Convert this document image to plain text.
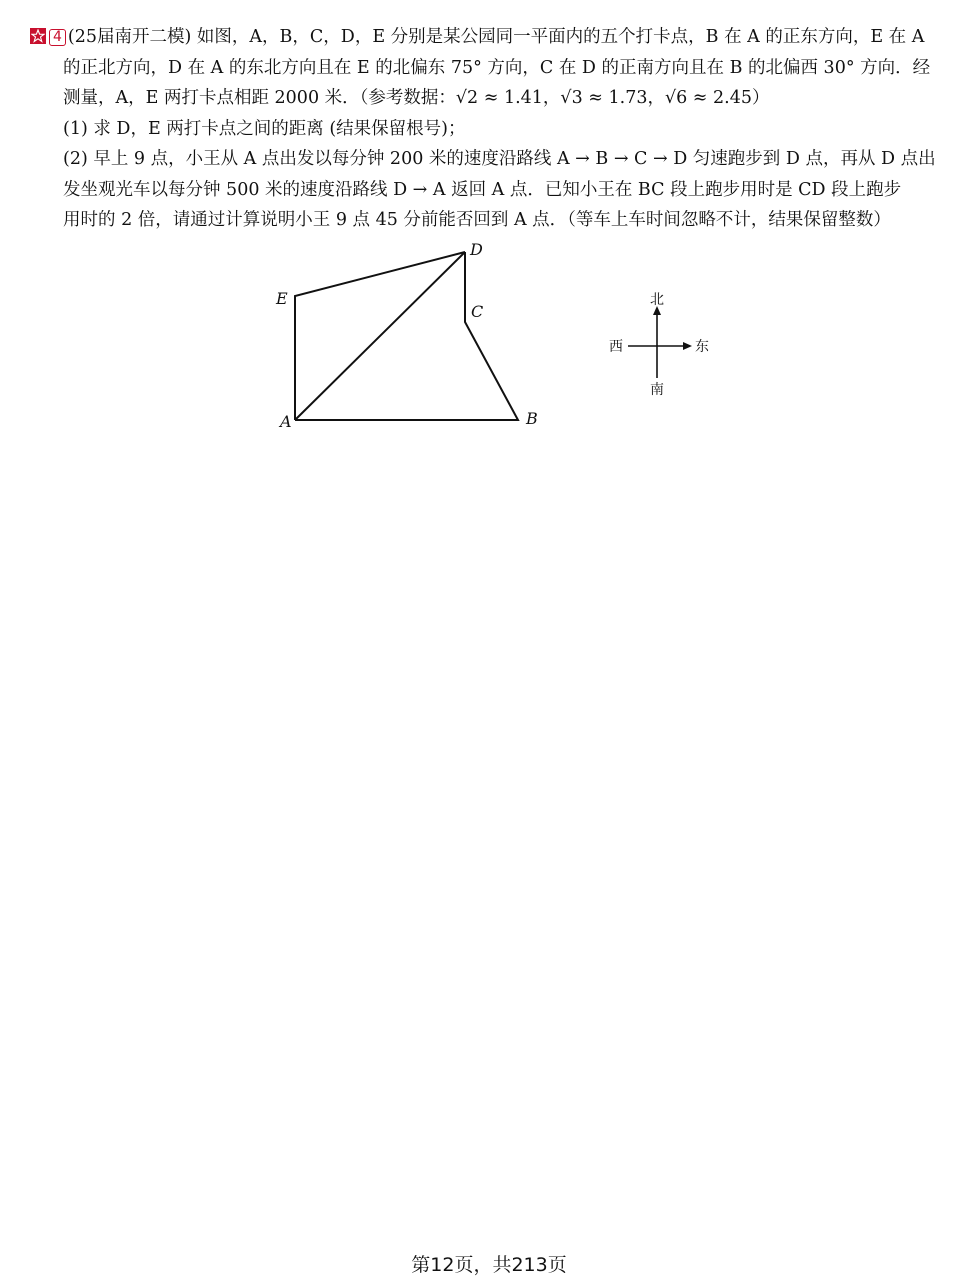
4 (25届南开二模) 如图，A，B，C，D，E 分别是某公园同一平面内的五个打卡点，B 在 A 的正东方向，E 在 A
的正北方向，D 在 A 的东北方向且在 E 的北偏东 75° 方向，C 在 D 的正南方向且在 B 的北偏西 30° 方向．经
测量，A，E 两打卡点相距 2000 米．（参考数据：√2 ≈ 1.41，√3 ≈ 1.73，√6 ≈ 2.45）
(1) 求 D，E 两打卡点之间的距离 (结果保留根号)；
(2) 早上 9 点，小王从 A 点出发以每分钟 200 米的速度沿路线 A → B → C → D 匀速跑步到 D 点，再从 D 点出
发坐观光车以每分钟 500 米的速度沿路线 D → A 返回 A 点．已知小王在 BC 段上跑步用时是 CD 段上跑步
用时的 2 倍，请通过计算说明小王 9 点 45 分前能否回到 A 点．（等车上车时间忽略不计，结果保留整数）
A	B
C
D
E	北
南
西	东
第12页，共213页
